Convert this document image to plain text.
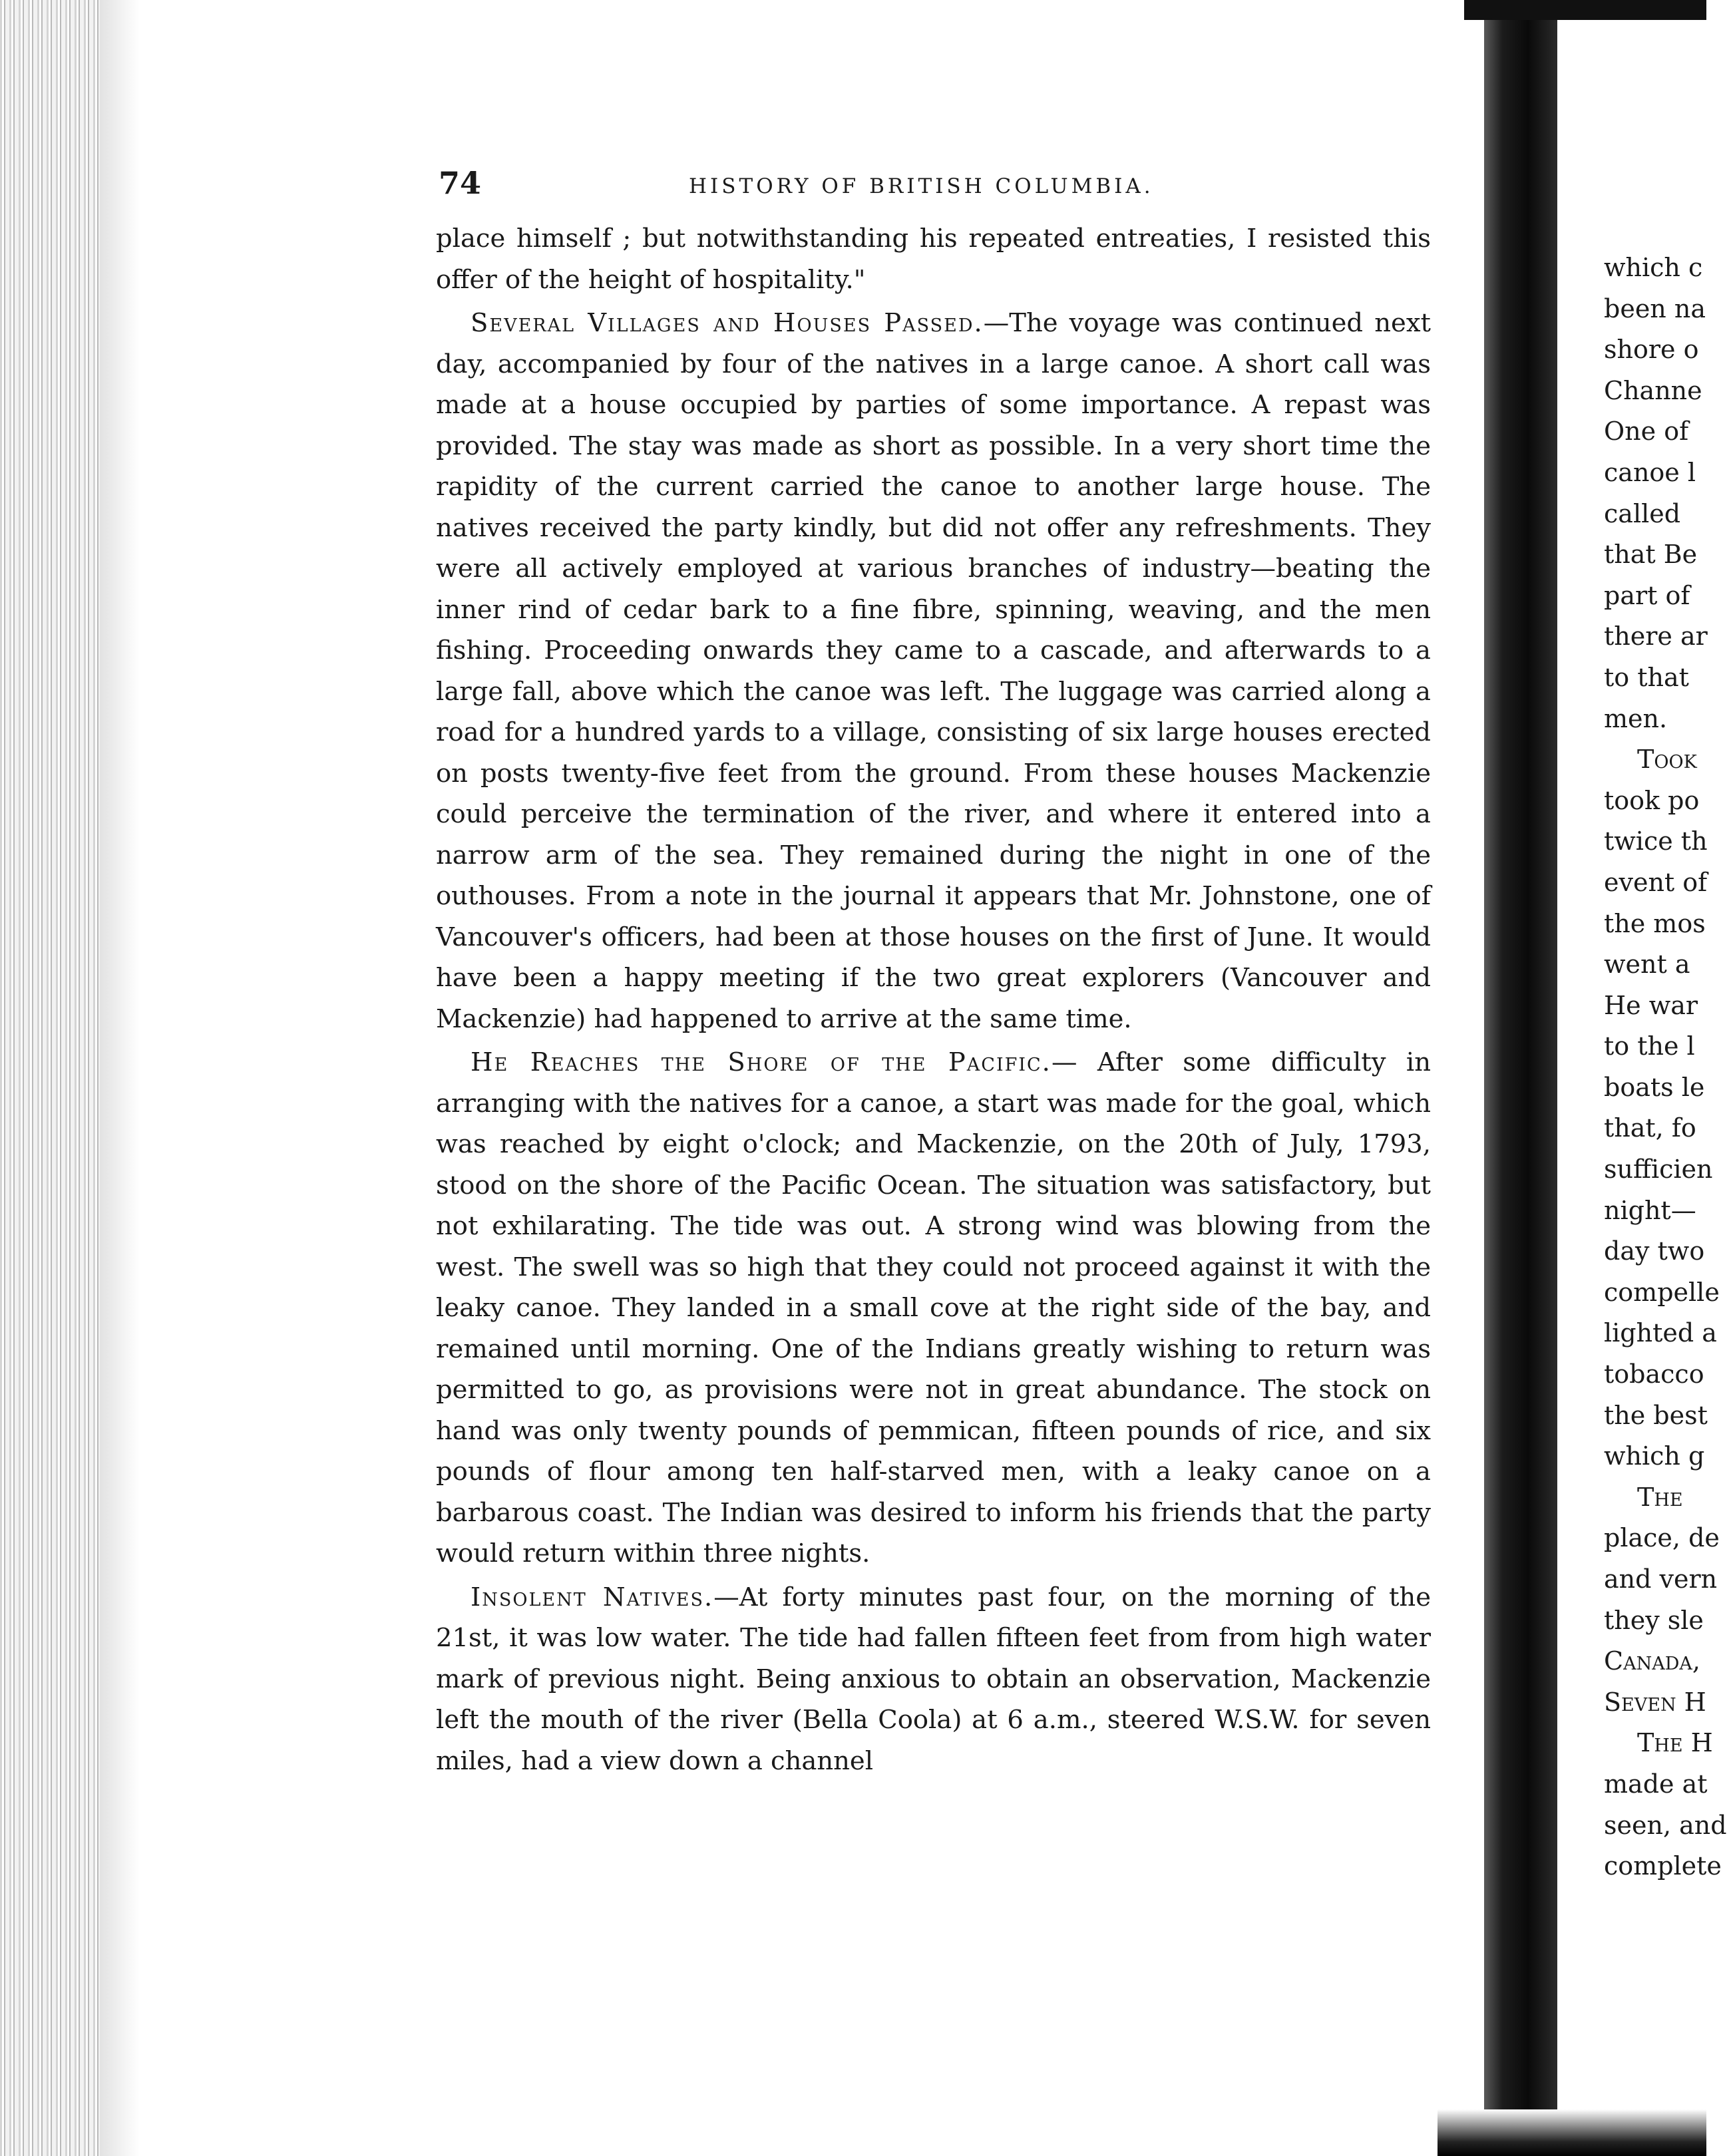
74	HISTORY OF BRITISH COLUMBIA.

place himself ; but notwithstanding his repeated entreaties, I resisted this offer of the height of hospitality."

Several Villages and Houses Passed.—The voyage was continued next day, accompanied by four of the natives in a large canoe. A short call was made at a house occupied by parties of some importance. A repast was provided. The stay was made as short as possible. In a very short time the rapidity of the current carried the canoe to another large house. The natives received the party kindly, but did not offer any refreshments. They were all actively employed at various branches of industry—beating the inner rind of cedar bark to a fine fibre, spinning, weaving, and the men fishing. Proceeding onwards they came to a cascade, and afterwards to a large fall, above which the canoe was left. The luggage was carried along a road for a hundred yards to a village, consisting of six large houses erected on posts twenty-five feet from the ground. From these houses Mackenzie could perceive the termination of the river, and where it entered into a narrow arm of the sea. They remained during the night in one of the outhouses. From a note in the journal it appears that Mr. Johnstone, one of Vancouver's officers, had been at those houses on the first of June. It would have been a happy meeting if the two great explorers (Vancouver and Mackenzie) had happened to arrive at the same time.

He Reaches the Shore of the Pacific.— After some difficulty in arranging with the natives for a canoe, a start was made for the goal, which was reached by eight o'clock; and Mackenzie, on the 20th of July, 1793, stood on the shore of the Pacific Ocean. The situation was satisfactory, but not exhilarating. The tide was out. A strong wind was blowing from the west. The swell was so high that they could not proceed against it with the leaky canoe. They landed in a small cove at the right side of the bay, and remained until morning. One of the Indians greatly wishing to return was permitted to go, as provisions were not in great abundance. The stock on hand was only twenty pounds of pemmican, fifteen pounds of rice, and six pounds of flour among ten half-starved men, with a leaky canoe on a barbarous coast. The Indian was desired to inform his friends that the party would return within three nights.

Insolent Natives.—At forty minutes past four, on the morning of the 21st, it was low water. The tide had fallen fifteen feet from from high water mark of previous night. Being anxious to obtain an observation, Mackenzie left the mouth of the river (Bella Coola) at 6 a.m., steered W.S.W. for seven miles, had a view down a channel

which c
been na
shore o
Channe
One of
canoe l
called
that Be
part of
there ar
to that
men.
Took
took po
twice th
event of
the mos
went a
He war
to the l
boats le
that, fo
sufficien
night—
day two
compelle
lighted a
tobacco
the best
which g
The
place, de
and vern
they sle
Canada,
Seven H
The H
made at
seen, and
complete
